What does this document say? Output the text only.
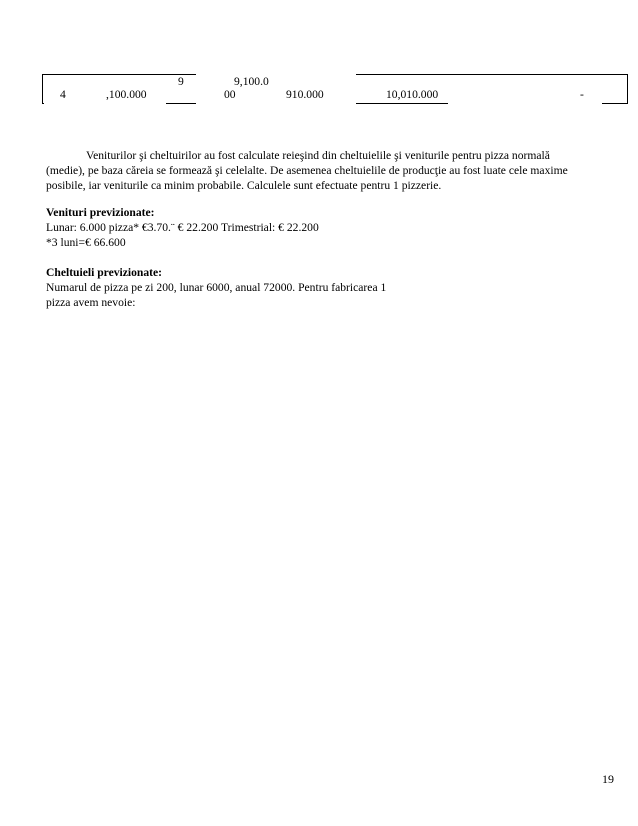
9	9,100.0
4	,100.000	00	910.000	10,010.000	-
Veniturilor şi cheltuirilor au fost calculate reieşind din cheltuielile şi veniturile pentru pizza normală
(medie), pe baza căreia se formează şi celelalte. De asemenea cheltuielile de producţie au fost luate cele maxime
posibile, iar veniturile ca minim probabile. Calculele sunt efectuate pentru 1 pizzerie.
Venituri previzionate:
Lunar: 6.000 pizza* €3.70.¨ € 22.200 Trimestrial: € 22.200
*3 luni=€ 66.600
Cheltuieli previzionate:
Numarul de pizza pe zi 200, lunar 6000, anual 72000. Pentru fabricarea 1
pizza avem nevoie:
19
